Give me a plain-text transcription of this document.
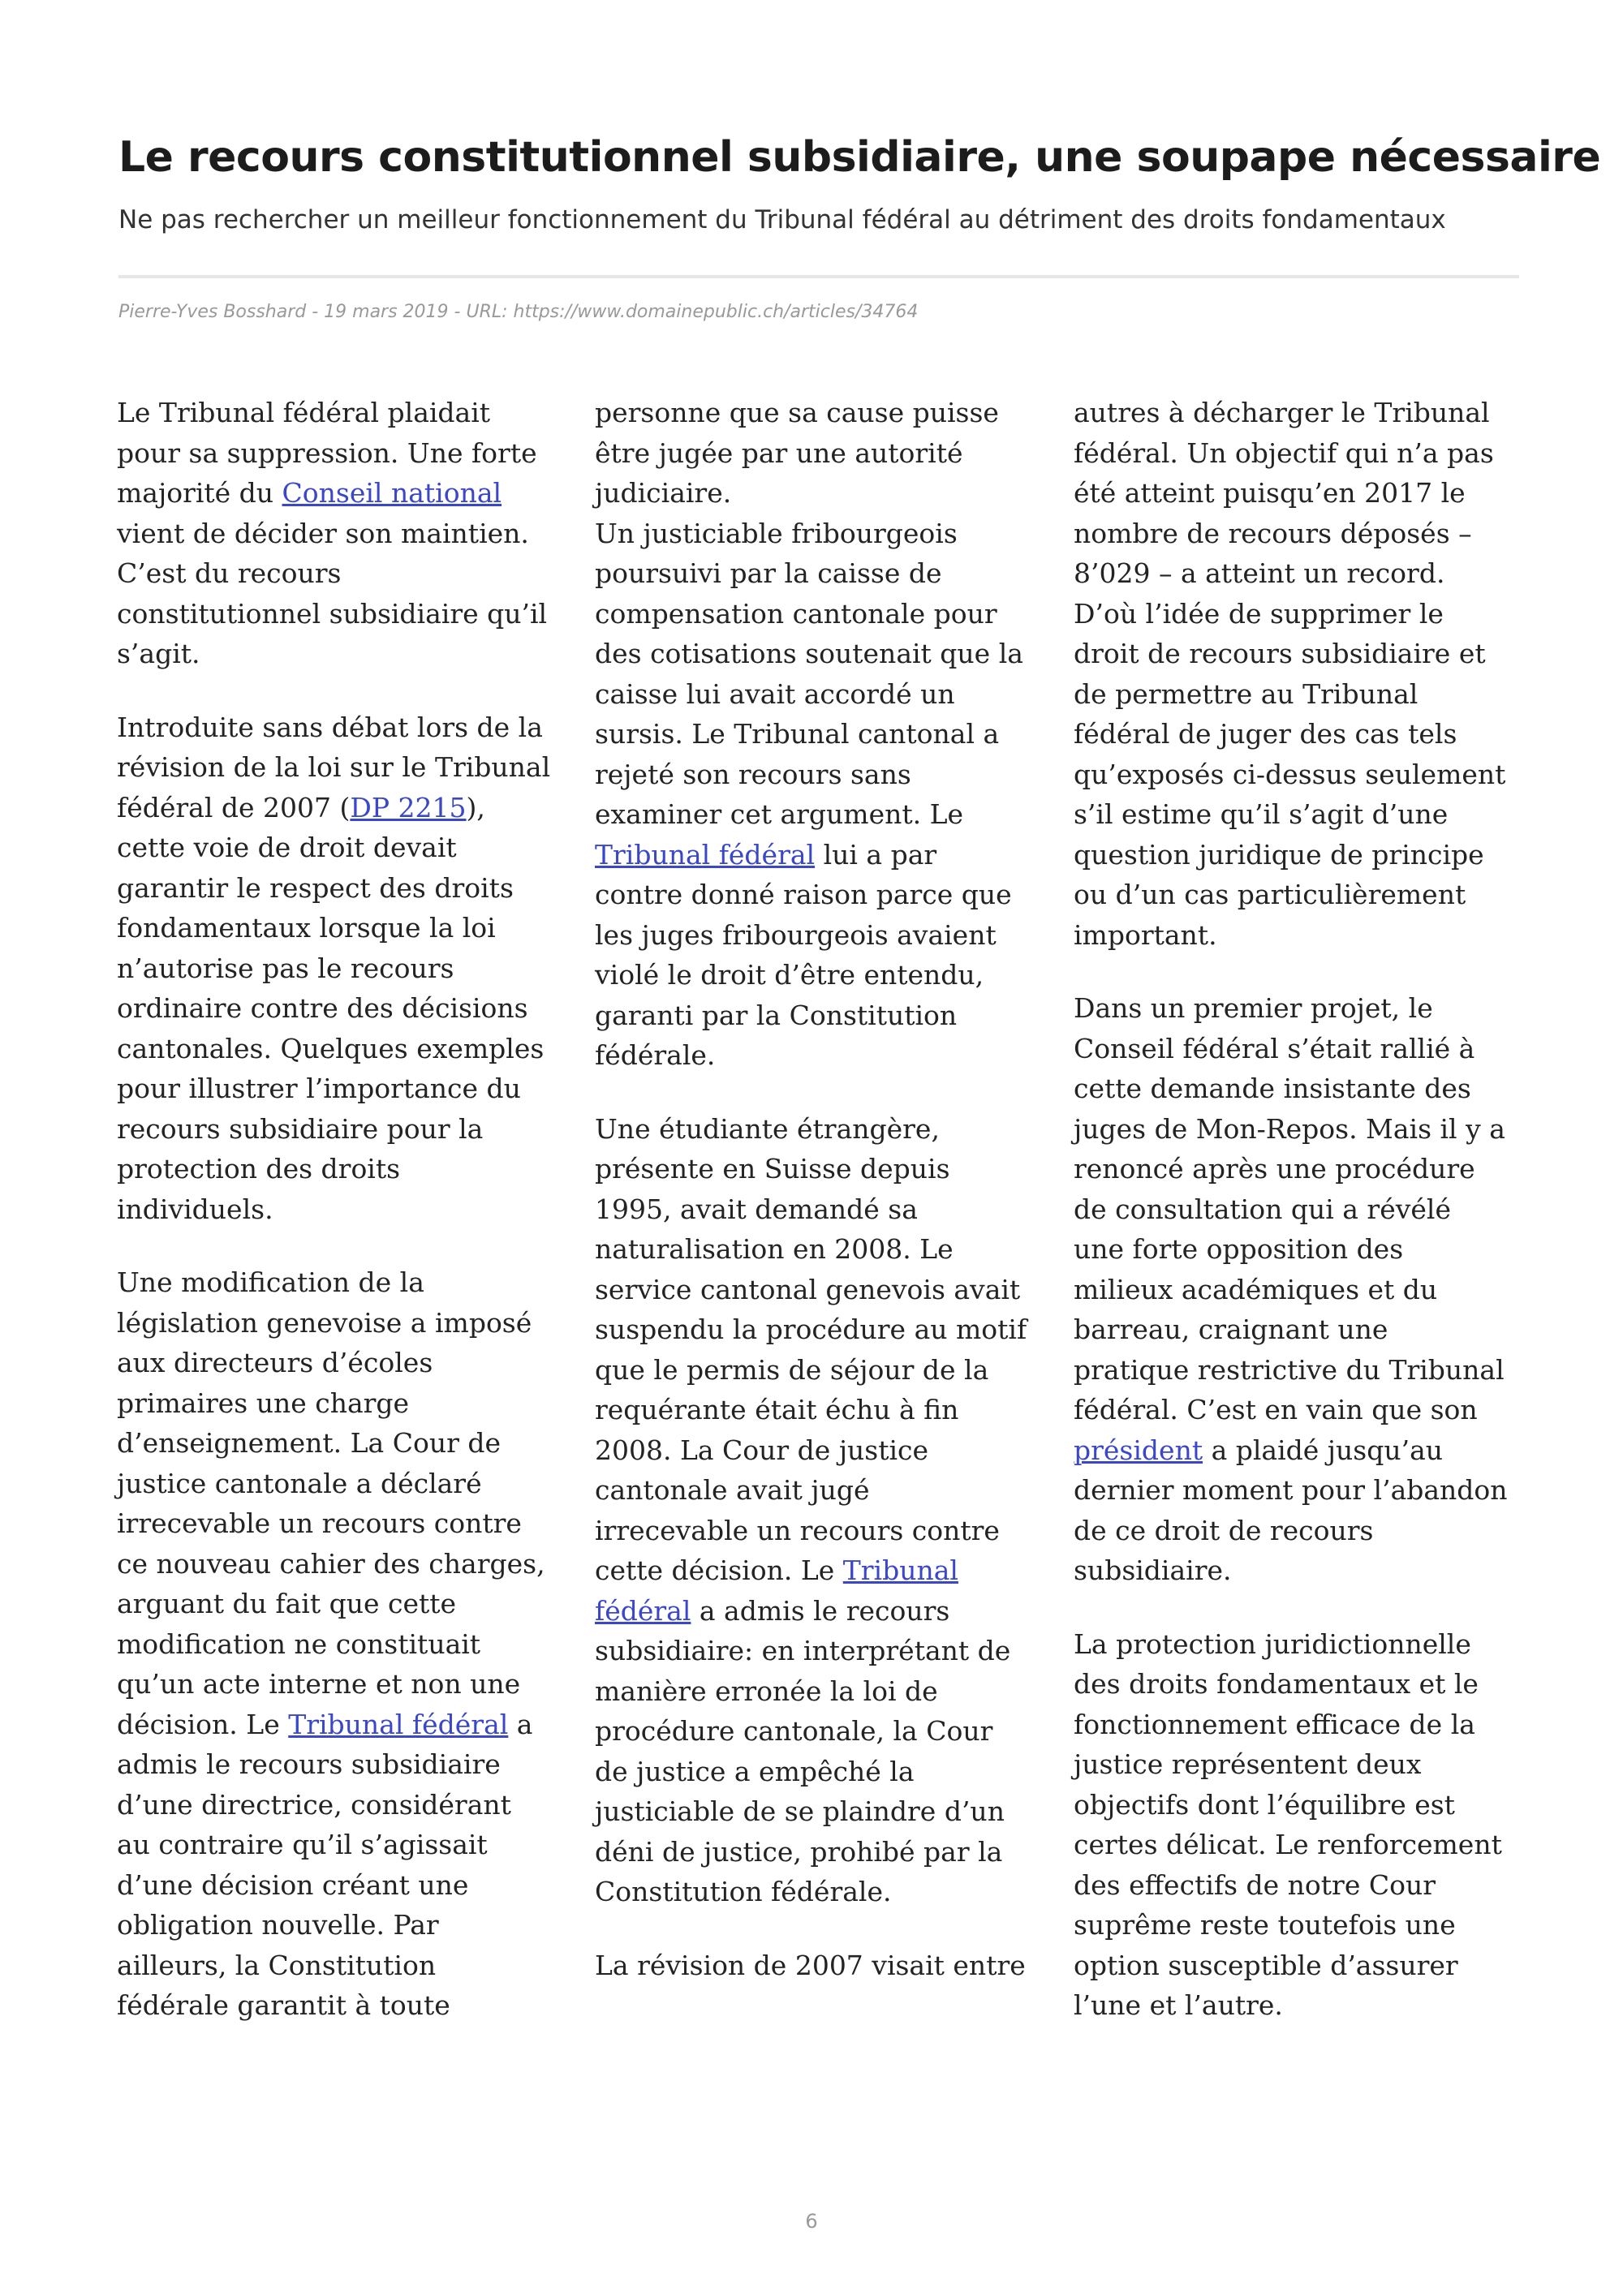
Le recours constitutionnel subsidiaire, une soupape nécessaire

Ne pas rechercher un meilleur fonctionnement du Tribunal fédéral au détriment des droits fondamentaux

Pierre-Yves Bosshard - 19 mars 2019 - URL: https://www.domainepublic.ch/articles/34764
Le Tribunal fédéral plaidait
pour sa suppression. Une forte
majorité du Conseil national
vient de décider son maintien.
C’est du recours
constitutionnel subsidiaire qu’il
s’agit.
Introduite sans débat lors de la
révision de la loi sur le Tribunal
fédéral de 2007 (DP 2215),
cette voie de droit devait
garantir le respect des droits
fondamentaux lorsque la loi
n’autorise pas le recours
ordinaire contre des décisions
cantonales. Quelques exemples
pour illustrer l’importance du
recours subsidiaire pour la
protection des droits
individuels.
Une modification de la
législation genevoise a imposé
aux directeurs d’écoles
primaires une charge
d’enseignement. La Cour de
justice cantonale a déclaré
irrecevable un recours contre
ce nouveau cahier des charges,
arguant du fait que cette
modification ne constituait
qu’un acte interne et non une
décision. Le Tribunal fédéral a
admis le recours subsidiaire
d’une directrice, considérant
au contraire qu’il s’agissait
d’une décision créant une
obligation nouvelle. Par
ailleurs, la Constitution
fédérale garantit à toute
personne que sa cause puisse
être jugée par une autorité
judiciaire.
Un justiciable fribourgeois
poursuivi par la caisse de
compensation cantonale pour
des cotisations soutenait que la
caisse lui avait accordé un
sursis. Le Tribunal cantonal a
rejeté son recours sans
examiner cet argument. Le
Tribunal fédéral lui a par
contre donné raison parce que
les juges fribourgeois avaient
violé le droit d’être entendu,
garanti par la Constitution
fédérale.
Une étudiante étrangère,
présente en Suisse depuis
1995, avait demandé sa
naturalisation en 2008. Le
service cantonal genevois avait
suspendu la procédure au motif
que le permis de séjour de la
requérante était échu à fin
2008. La Cour de justice
cantonale avait jugé
irrecevable un recours contre
cette décision. Le Tribunal
fédéral a admis le recours
subsidiaire: en interprétant de
manière erronée la loi de
procédure cantonale, la Cour
de justice a empêché la
justiciable de se plaindre d’un
déni de justice, prohibé par la
Constitution fédérale.
La révision de 2007 visait entre
autres à décharger le Tribunal
fédéral. Un objectif qui n’a pas
été atteint puisqu’en 2017 le
nombre de recours déposés –
8’029 – a atteint un record.
D’où l’idée de supprimer le
droit de recours subsidiaire et
de permettre au Tribunal
fédéral de juger des cas tels
qu’exposés ci-dessus seulement
s’il estime qu’il s’agit d’une
question juridique de principe
ou d’un cas particulièrement
important.
Dans un premier projet, le
Conseil fédéral s’était rallié à
cette demande insistante des
juges de Mon-Repos. Mais il y a
renoncé après une procédure
de consultation qui a révélé
une forte opposition des
milieux académiques et du
barreau, craignant une
pratique restrictive du Tribunal
fédéral. C’est en vain que son
président a plaidé jusqu’au
dernier moment pour l’abandon
de ce droit de recours
subsidiaire.
La protection juridictionnelle
des droits fondamentaux et le
fonctionnement efficace de la
justice représentent deux
objectifs dont l’équilibre est
certes délicat. Le renforcement
des effectifs de notre Cour
suprême reste toutefois une
option susceptible d’assurer
l’une et l’autre.
6
